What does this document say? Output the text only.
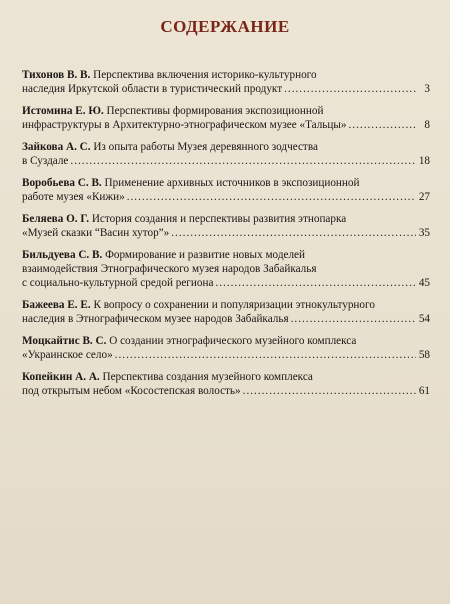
СОДЕРЖАНИЕ
Тихонов В. В. Перспектива включения историко-культурного
наследия Иркутской области в туристический продукт .....	3
Истомина Е. Ю. Перспективы формирования экспозиционной
инфраструктуры в Архитектурно-этнографическом музее «Тальцы» .....	8
Зайкова А. С. Из опыта работы Музея деревянного зодчества
в Суздале .....	18
Воробьева С. В. Применение архивных источников в экспозиционной
работе музея «Кижи» .....	27
Беляева О. Г. История создания и перспективы развития этнопарка
«Музей сказки “Васин хутор”» .....	35
Бильдуева С. В. Формирование и развитие новых моделей
взаимодействия Этнографического музея народов Забайкалья
с социально-культурной средой региона .....	45
Бажеева Е. Е. К вопросу о сохранении и популяризации этнокультурного
наследия в Этнографическом музее народов Забайкалья .....	54
Моцкайтис В. С. О создании этнографического музейного комплекса
«Украинское село» .....	58
Копейкин А. А. Перспектива создания музейного комплекса
под открытым небом «Косостепская волость» .....	61
